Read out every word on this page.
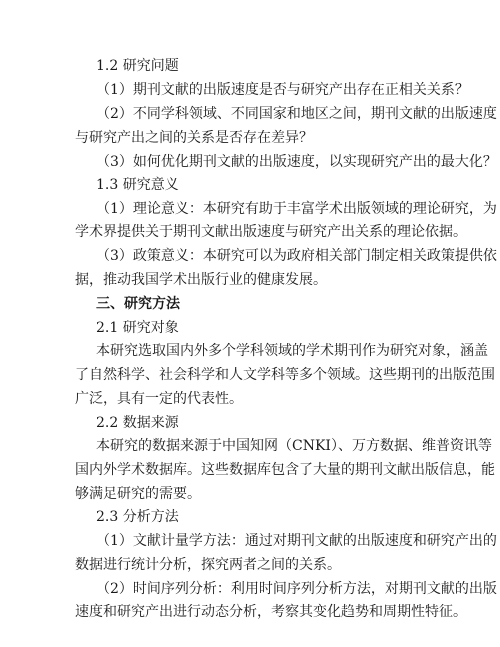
1.2 研究问题
（1）期刊文献的出版速度是否与研究产出存在正相关关系？
（2）不同学科领域、不同国家和地区之间，期刊文献的出版速度
与研究产出之间的关系是否存在差异？
（3）如何优化期刊文献的出版速度，以实现研究产出的最大化？
1.3 研究意义
（1）理论意义：本研究有助于丰富学术出版领域的理论研究，为
学术界提供关于期刊文献出版速度与研究产出关系的理论依据。
（3）政策意义：本研究可以为政府相关部门制定相关政策提供依
据，推动我国学术出版行业的健康发展。
三、研究方法
2.1 研究对象
本研究选取国内外多个学科领域的学术期刊作为研究对象，涵盖
了自然科学、社会科学和人文学科等多个领域。这些期刊的出版范围
广泛，具有一定的代表性。
2.2 数据来源
本研究的数据来源于中国知网（CNKI）、万方数据、维普资讯等
国内外学术数据库。这些数据库包含了大量的期刊文献出版信息，能
够满足研究的需要。
2.3 分析方法
（1）文献计量学方法：通过对期刊文献的出版速度和研究产出的
数据进行统计分析，探究两者之间的关系。
（2）时间序列分析：利用时间序列分析方法，对期刊文献的出版
速度和研究产出进行动态分析，考察其变化趋势和周期性特征。
